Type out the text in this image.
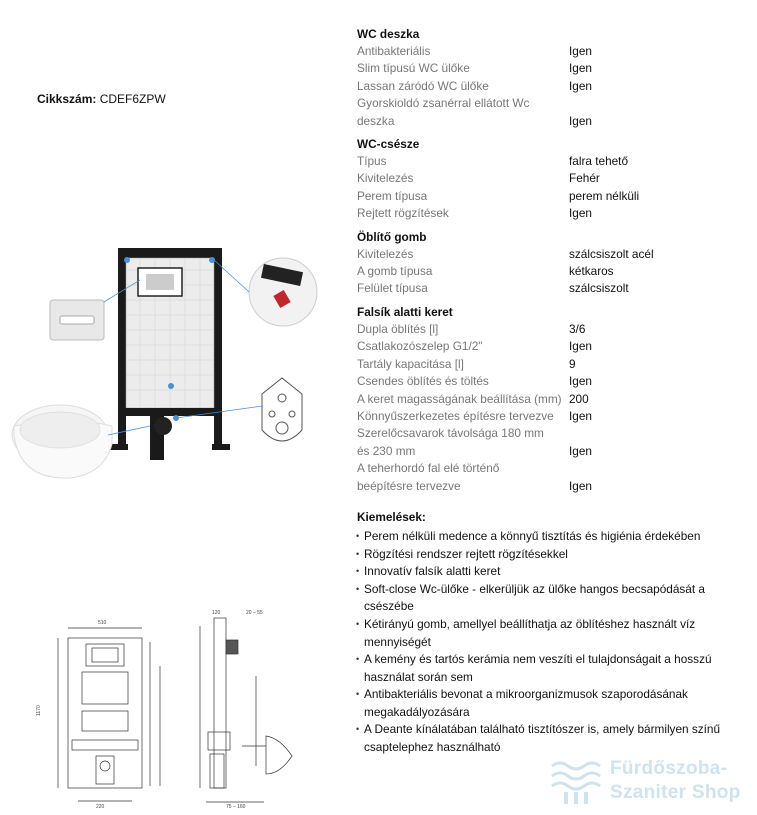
Cikkszám: CDEF6ZPW
510
220
1170
120	20 – 55
75 – 160
WC deszka
Antibakteriális	Igen
Slim típusú WC ülőke	Igen
Lassan záródó WC ülőke	Igen
Gyorskioldó zsanérral ellátott Wc deszka	Igen
WC-csésze
Típus	falra tehető
Kivitelezés	Fehér
Perem típusa	perem nélküli
Rejtett rögzítések	Igen
Öblítő gomb
Kivitelezés	szálcsiszolt acél
A gomb típusa	kétkaros
Felület típusa	szálcsiszolt
Falsík alatti keret
Dupla öblítés [l]	3/6
Csatlakozószelep G1/2"	Igen
Tartály kapacitása [l]	9
Csendes öblítés és töltés	Igen
A keret magasságának beállítása (mm) 200
Könnyűszerkezetes építésre tervezve	Igen
Szerelőcsavarok távolsága 180 mm és 230 mm	Igen
A teherhordó fal elé történő beépítésre tervezve	Igen
Kiemelések:
• Perem nélküli medence a könnyű tisztítás és higiénia érdekében
• Rögzítési rendszer rejtett rögzítésekkel
• Innovatív falsík alatti keret
• Soft-close Wc-ülőke - elkerüljük az ülőke hangos becsapódását a csészébe
• Kétirányú gomb, amellyel beállíthatja az öblítéshez használt víz mennyiségét
• A kemény és tartós kerámia nem veszíti el tulajdonságait a hosszú használat során sem
• Antibakteriális bevonat a mikroorganizmusok szaporodásának megakadályozására
• A Deante kínálatában található tisztítószer is, amely bármilyen színű csaptelephez használható
Fürdőszoba-
Szaniter Shop
